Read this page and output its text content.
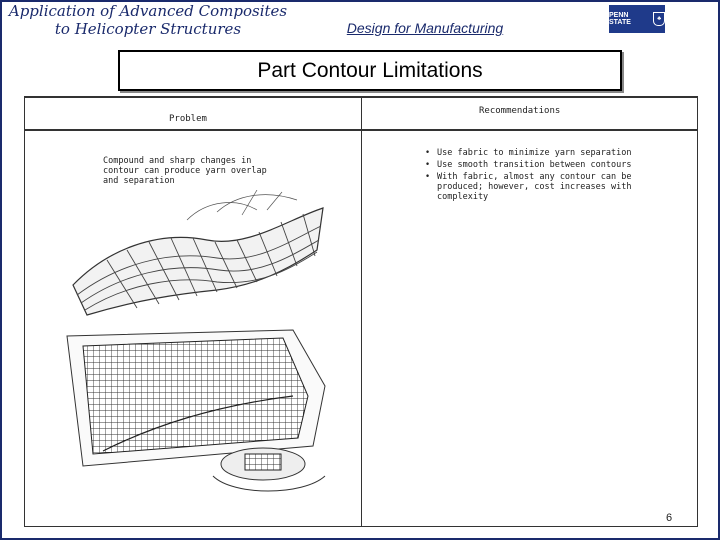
Application of Advanced Composites
to Helicopter Structures	Design for Manufacturing
PENN STATE	♣
Part Contour Limitations
Problem
Recommendations
Compound and sharp changes in contour can produce yarn overlap and separation
• Use fabric to minimize yarn separation
• Use smooth transition between contours
• With fabric, almost any contour can be produced; however, cost increases with complexity
6
